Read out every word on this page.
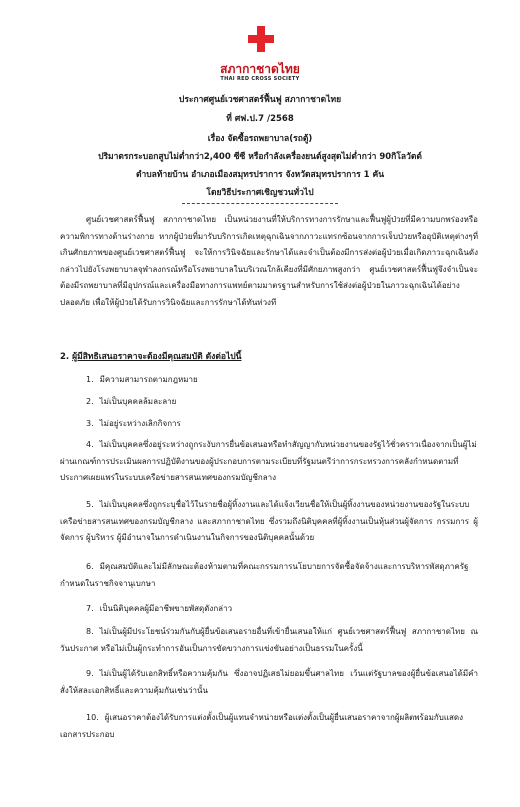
สภากาชาดไทย
THAI RED CROSS SOCIETY
ประกาศศูนย์เวชศาสตร์ฟื้นฟู สภากาชาดไทย
ที่ ศฟ.ป.7 /2568
เรื่อง จัดซื้อรถพยาบาล(รถตู้)
ปริมาตรกระบอกสูบไม่ต่ำกว่า2,400 ซีซี หรือกำลังเครื่องยนต์สูงสุดไม่ต่ำกว่า 90กิโลวัตต์
ตำบลท้ายบ้าน อำเภอเมืองสมุทรปราการ จังหวัดสมุทรปราการ 1 คัน
โดยวิธีประกาศเชิญชวนทั่วไป
ศูนย์เวชศาสตร์ฟื้นฟู สภากาชาดไทย เป็นหน่วยงานที่ให้บริการทางการรักษาและฟื้นฟูผู้ป่วยที่มีความบกพร่องหรือความพิการทางด้านร่างกาย หากผู้ป่วยที่มารับบริการเกิดเหตุฉุกเฉินจากภาวะแทรกซ้อนจากการเจ็บป่วยหรืออุบัติเหตุต่างๆที่เกินศักยภาพของศูนย์เวชศาสตร์ฟื้นฟู จะให้การวินิจฉัยและรักษาได้และจำเป็นต้องมีการส่งต่อผู้ป่วยเมื่อเกิดภาวะฉุกเฉินดังกล่าวไปยังโรงพยาบาลจุฬาลงกรณ์หรือโรงพยาบาลในบริเวณใกล้เคียงที่มีศักยภาพสูงกว่า ศูนย์เวชศาสตร์ฟื้นฟูจึงจำเป็นจะต้องมีรถพยาบาลที่มีอุปกรณ์และเครื่องมือทางการแพทย์ตามมาตรฐานสำหรับการใช้ส่งต่อผู้ป่วยในภาวะฉุกเฉินได้อย่างปลอดภัย เพื่อให้ผู้ป่วยได้รับการวินิจฉัยและการรักษาได้ทันท่วงที
2. ผู้มีสิทธิเสนอราคาจะต้องมีคุณสมบัติ ดังต่อไปนี้
1. มีความสามารถตามกฎหมาย
2. ไม่เป็นบุคคลล้มละลาย
3. ไม่อยู่ระหว่างเลิกกิจการ
4. ไม่เป็นบุคคลซึ่งอยู่ระหว่างถูกระงับการยื่นข้อเสนอหรือทำสัญญากับหน่วยงานของรัฐไว้ชั่วคราวเนื่องจากเป็นผู้ไม่ผ่านเกณฑ์การประเมินผลการปฏิบัติงานของผู้ประกอบการตามระเบียบที่รัฐมนตรีว่าการกระทรวงการคลังกำหนดตามที่ประกาศเผยแพร่ในระบบเครือข่ายสารสนเทศของกรมบัญชีกลาง
5. ไม่เป็นบุคคลซึ่งถูกระบุชื่อไว้ในรายชื่อผู้ทิ้งงานและได้แจ้งเวียนชื่อให้เป็นผู้ทิ้งงานของหน่วยงานของรัฐในระบบเครือข่ายสารสนเทศของกรมบัญชีกลาง และสภากาชาดไทย ซึ่งรวมถึงนิติบุคคลที่ผู้ทิ้งงานเป็นหุ้นส่วนผู้จัดการ กรรมการ ผู้จัดการ ผู้บริหาร ผู้มีอำนาจในการดำเนินงานในกิจการของนิติบุคคลนั้นด้วย
6. มีคุณสมบัติและไม่มีลักษณะต้องห้ามตามที่คณะกรรมการนโยบายการจัดซื้อจัดจ้างและการบริหารพัสดุภาครัฐกำหนดในราชกิจจานุเบกษา
7. เป็นนิติบุคคลผู้มีอาชีพขายพัสดุดังกล่าว
8. ไม่เป็นผู้มีประโยชน์ร่วมกันกับผู้ยื่นข้อเสนอรายอื่นที่เข้ายื่นเสนอให้แก่ ศูนย์เวชศาสตร์ฟื้นฟู สภากาชาดไทย ณ วันประกาศ หรือไม่เป็นผู้กระทำการอันเป็นการขัดขวางการแข่งขันอย่างเป็นธรรมในครั้งนี้
9. ไม่เป็นผู้ได้รับเอกสิทธิ์หรือความคุ้มกัน ซึ่งอาจปฏิเสธไม่ยอมขึ้นศาลไทย เว้นแต่รัฐบาลของผู้ยื่นข้อเสนอได้มีคำสั่งให้สละเอกสิทธิ์และความคุ้มกันเช่นว่านั้น
10. ผู้เสนอราคาต้องได้รับการแต่งตั้งเป็นผู้แทนจำหน่ายหรือแต่งตั้งเป็นผู้ยื่นเสนอราคาจากผู้ผลิตพร้อมกับแสดงเอกสารประกอบ
